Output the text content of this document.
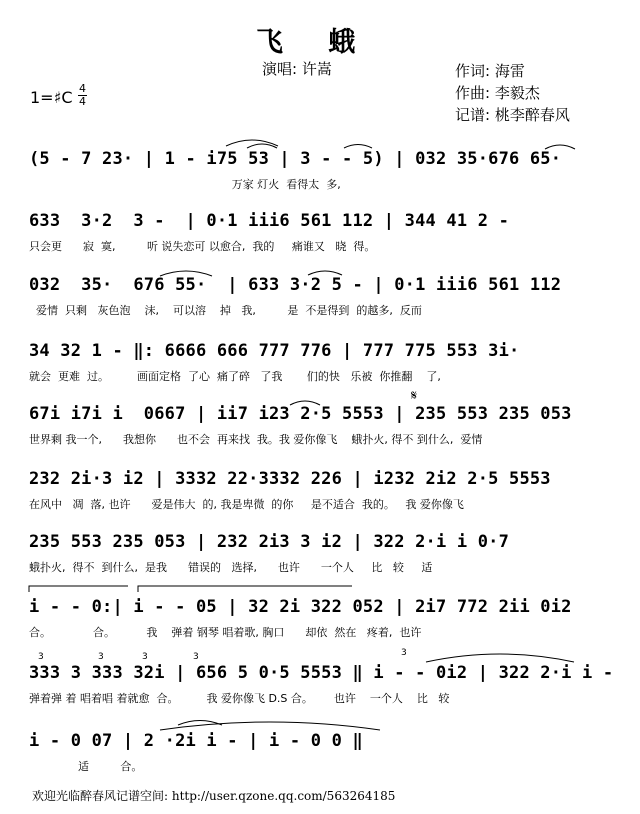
飞 蛾
演唱: 许嵩	作词: 海雷
作曲: 李毅杰
记谱: 桃李醉春风
1=♯C 4
4
(5 - 7 23· | 1 - i75 53 | 3 - - 5) | 032 35·676 65·
万家 灯火  看得太  多,
633  3·2  3 -  | 0·1 iii6 561 112 | 344 41 2 -
只会更      寂  寞,         听 说失恋可 以愈合,  我的     痛谁又   晓  得。
032  35·  676 55·  | 633 3·2 5 - | 0·1 iii6 561 112
爱情  只剩   灰色泡    沫,    可以溶    掉   我,         是  不是得到  的越多,  反而
34 32 1 - ‖: 6666 666 777 776 | 777 775 553 3i·
就会  更难  过。        画面定格  了心  痛了碎   了我       们的快   乐被  你推翻    了,
67i i7i i  0667 | ii7 i23 2·5 5553 | 235 553 235 053
世界剩 我一个,      我想你      也不会  再来找  我。我 爱你像飞    蛾扑火, 得不 到什么,  爱情
232 2i·3 i2 | 3332 22·3332 226 | i232 2i2 2·5 5553
在风中   凋  落, 也许      爱是伟大  的, 我是卑微  的你     是不适合  我的。   我 爱你像飞
235 553 235 053 | 232 2i3 3 i2 | 322 2·i i 0·7
蛾扑火,  得不  到什么,  是我      错误的   选择,      也许      一个人     比   较     适
i - - 0:| i - - 05 | 32 2i 322 052 | 2i7 772 2ii 0i2
合。            合。         我    弹着 钢琴 唱着歌, 胸口      却依  然在   疼着,  也许
333 3 333 32i | 656 5 0·5 5553 ‖ i - - 0i2 | 322 2·i i -
弹着弹 着 唱着唱 着就愈  合。        我 爱你像飞 D.S 合。      也许    一个人    比   较
i - 0 07 | 2 ·2i i - | i - 0 0 ‖
适         合。
3	3	3	3	3
𝄋
欢迎光临醉春风记谱空间: http://user.qzone.qq.com/563264185
